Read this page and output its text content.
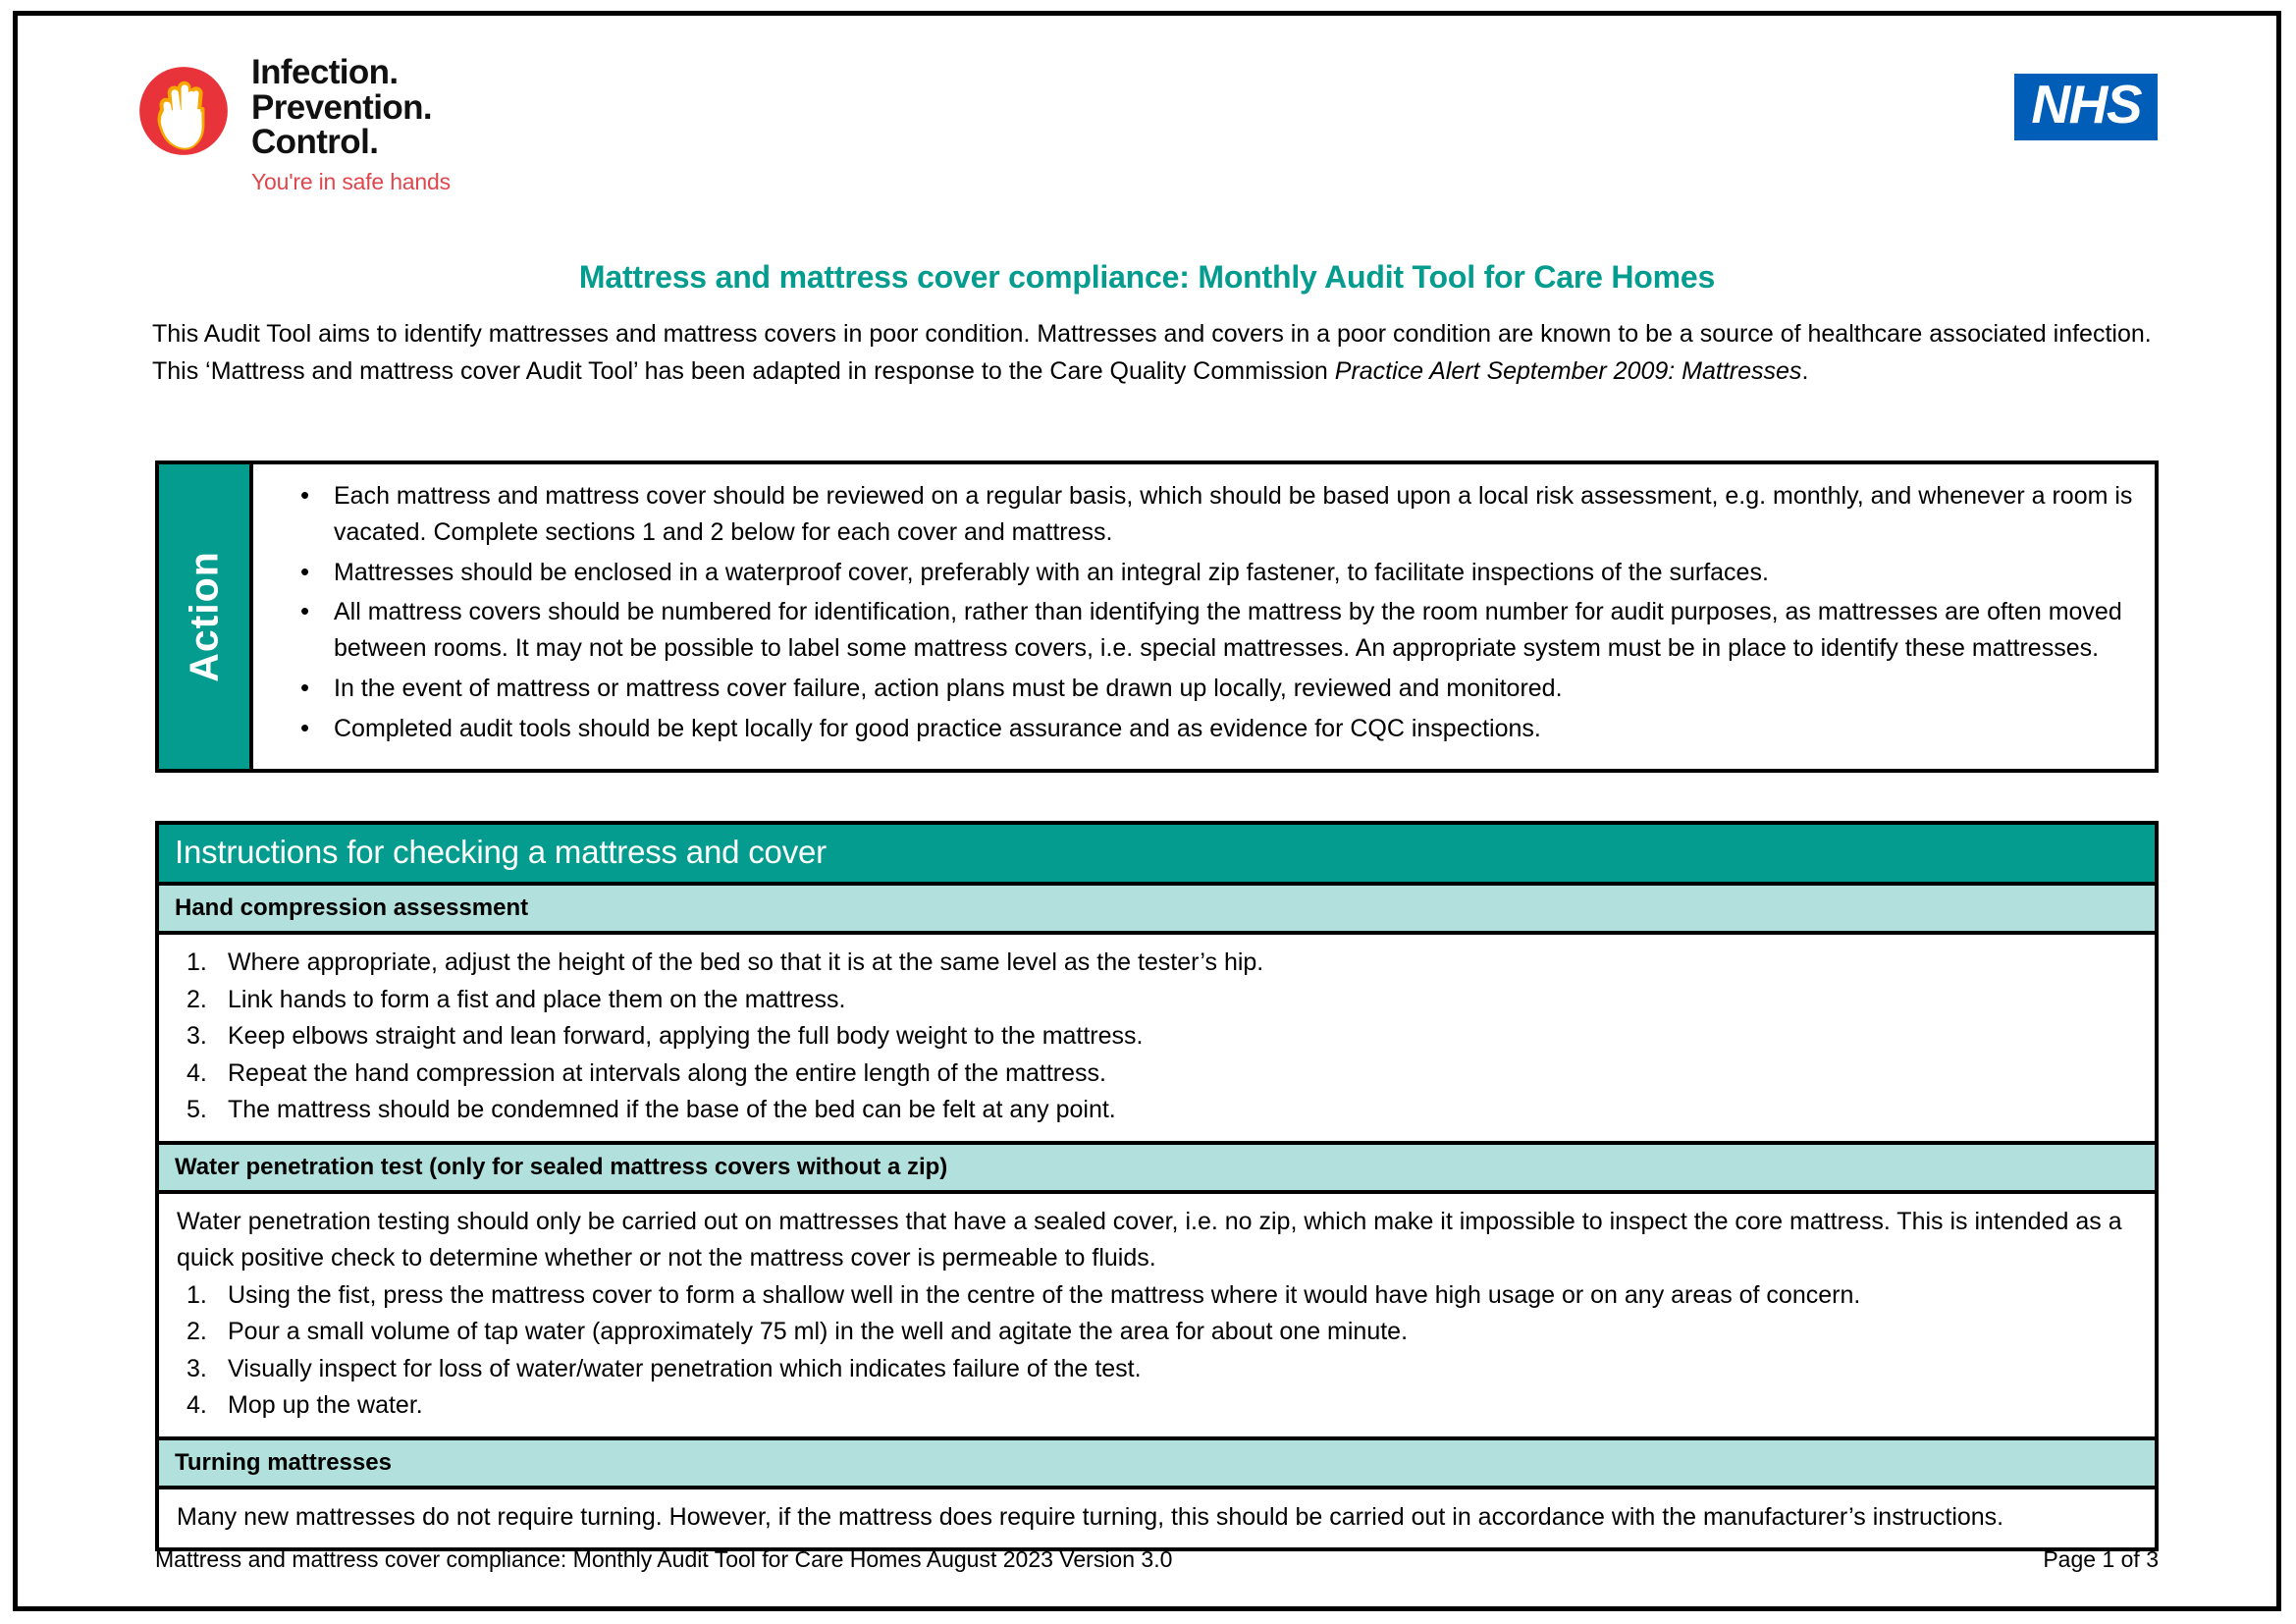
Infection.
Prevention.
Control.
You're in safe hands
NHS
Mattress and mattress cover compliance: Monthly Audit Tool for Care Homes
This Audit Tool aims to identify mattresses and mattress covers in poor condition. Mattresses and covers in a poor condition are known to be a source of healthcare associated infection. This ‘Mattress and mattress cover Audit Tool’ has been adapted in response to the Care Quality Commission Practice Alert September 2009: Mattresses.
Action
• Each mattress and mattress cover should be reviewed on a regular basis, which should be based upon a local risk assessment, e.g. monthly, and whenever a room is vacated. Complete sections 1 and 2 below for each cover and mattress.
• Mattresses should be enclosed in a waterproof cover, preferably with an integral zip fastener, to facilitate inspections of the surfaces.
• All mattress covers should be numbered for identification, rather than identifying the mattress by the room number for audit purposes, as mattresses are often moved between rooms. It may not be possible to label some mattress covers, i.e. special mattresses. An appropriate system must be in place to identify these mattresses.
• In the event of mattress or mattress cover failure, action plans must be drawn up locally, reviewed and monitored.
• Completed audit tools should be kept locally for good practice assurance and as evidence for CQC inspections.
Instructions for checking a mattress and cover
Hand compression assessment
Where appropriate, adjust the height of the bed so that it is at the same level as the tester’s hip.
Link hands to form a fist and place them on the mattress.
Keep elbows straight and lean forward, applying the full body weight to the mattress.
Repeat the hand compression at intervals along the entire length of the mattress.
The mattress should be condemned if the base of the bed can be felt at any point.
Water penetration test (only for sealed mattress covers without a zip)

Water penetration testing should only be carried out on mattresses that have a sealed cover, i.e. no zip, which make it impossible to inspect the core mattress. This is intended as a quick positive check to determine whether or not the mattress cover is permeable to fluids.

Using the fist, press the mattress cover to form a shallow well in the centre of the mattress where it would have high usage or on any areas of concern.
Pour a small volume of tap water (approximately 75 ml) in the well and agitate the area for about one minute.
Visually inspect for loss of water/water penetration which indicates failure of the test.
Mop up the water.
Turning mattresses

Many new mattresses do not require turning. However, if the mattress does require turning, this should be carried out in accordance with the manufacturer’s instructions.

Mattress and mattress cover compliance: Monthly Audit Tool for Care Homes August 2023 Version 3.0	Page 1 of 3
